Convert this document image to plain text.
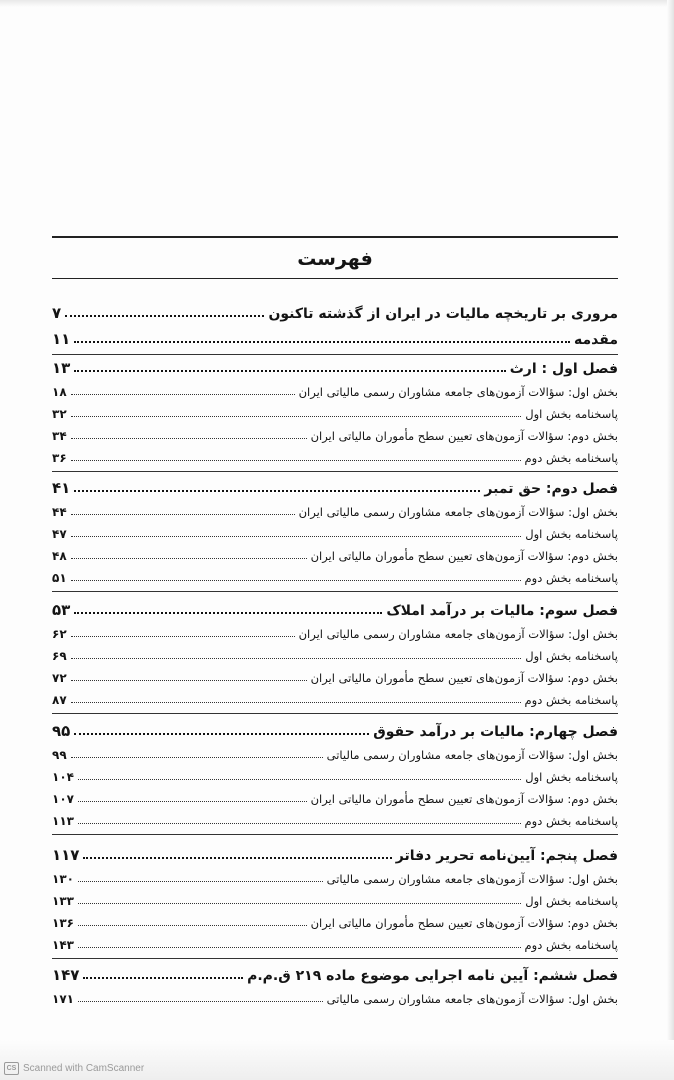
فهرست
۷	مروری بر تاریخچه مالیات در ایران از گذشته تاکنون
۱۱	مقدمه
۱۳	فصل اول : ارث
۱۸	بخش اول: سؤالات آزمون‌های جامعه مشاوران رسمی مالیاتی ایران
۳۲	پاسخنامه بخش اول
۳۴	بخش دوم: سؤالات آزمون‌های تعیین سطح مأموران مالیاتی ایران
۳۶	پاسخنامه بخش دوم
۴۱	فصل دوم: حق تمبر
۴۴	بخش اول: سؤالات آزمون‌های جامعه مشاوران رسمی مالیاتی ایران
۴۷	پاسخنامه بخش اول
۴۸	بخش دوم: سؤالات آزمون‌های تعیین سطح مأموران مالیاتی ایران
۵۱	پاسخنامه بخش دوم
۵۳	فصل سوم: مالیات بر درآمد املاک
۶۲	بخش اول: سؤالات آزمون‌های جامعه مشاوران رسمی مالیاتی ایران
۶۹	پاسخنامه بخش اول
۷۲	بخش دوم: سؤالات آزمون‌های تعیین سطح مأموران مالیاتی ایران
۸۷	پاسخنامه بخش دوم
۹۵	فصل چهارم: مالیات بر درآمد حقوق
۹۹	بخش اول: سؤالات آزمون‌های جامعه مشاوران رسمی مالیاتی
۱۰۴	پاسخنامه بخش اول
۱۰۷	بخش دوم: سؤالات آزمون‌های تعیین سطح مأموران مالیاتی ایران
۱۱۳	پاسخنامه بخش دوم
۱۱۷	فصل پنجم: آیین‌نامه تحریر دفاتر
۱۳۰	بخش اول: سؤالات آزمون‌های جامعه مشاوران رسمی مالیاتی
۱۳۳	پاسخنامه بخش اول
۱۳۶	بخش دوم: سؤالات آزمون‌های تعیین سطح مأموران مالیاتی ایران
۱۴۳	پاسخنامه بخش دوم
۱۴۷	فصل ششم: آیین نامه اجرایی موضوع ماده ۲۱۹ ق.م.م
۱۷۱	بخش اول: سؤالات آزمون‌های جامعه مشاوران رسمی مالیاتی
CS Scanned with CamScanner
